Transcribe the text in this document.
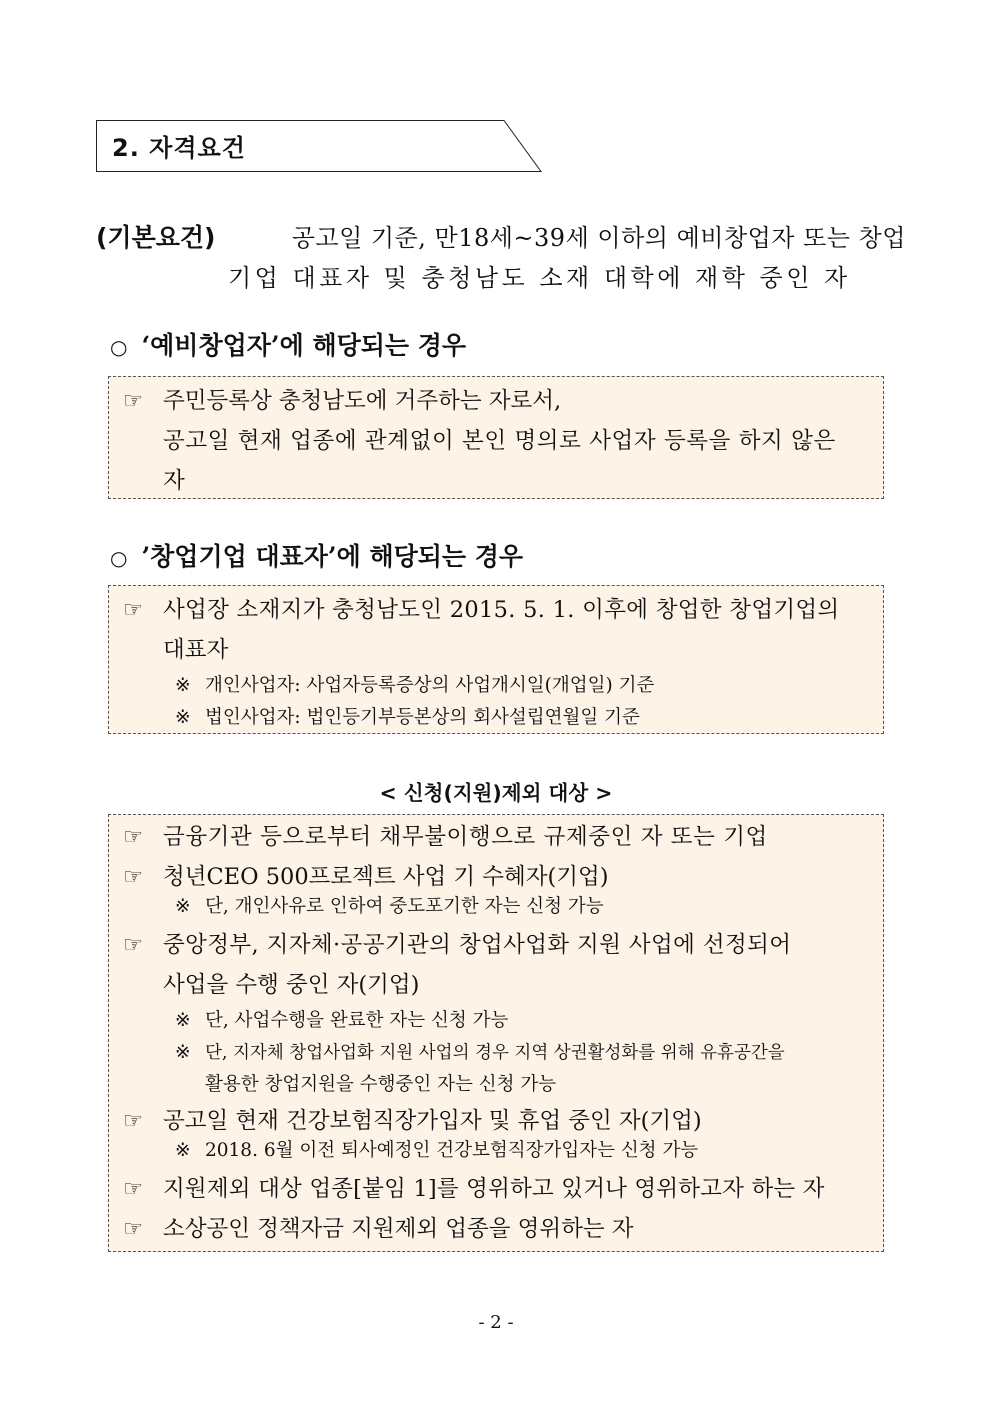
2. 자격요건
(기본요건)	공고일 기준, 만18세~39세 이하의 예비창업자 또는 창업
기업 대표자 및 충청남도 소재 대학에 재학 중인 자
○ ‘예비창업자’에 해당되는 경우
☞ 주민등록상 충청남도에 거주하는 자로서,
공고일 현재 업종에 관계없이 본인 명의로 사업자 등록을 하지 않은
자
○ ’창업기업 대표자’에 해당되는 경우
☞ 사업장 소재지가 충청남도인 2015. 5. 1. 이후에 창업한 창업기업의
대표자
※ 개인사업자: 사업자등록증상의 사업개시일(개업일) 기준
※ 법인사업자: 법인등기부등본상의 회사설립연월일 기준
< 신청(지원)제외 대상 >
☞ 금융기관 등으로부터 채무불이행으로 규제중인 자 또는 기업
☞ 청년CEO 500프로젝트 사업 기 수혜자(기업)
※ 단, 개인사유로 인하여 중도포기한 자는 신청 가능
☞ 중앙정부, 지자체·공공기관의 창업사업화 지원 사업에 선정되어
사업을 수행 중인 자(기업)
※ 단, 사업수행을 완료한 자는 신청 가능
※ 단, 지자체 창업사업화 지원 사업의 경우 지역 상권활성화를 위해 유휴공간을
활용한 창업지원을 수행중인 자는 신청 가능
☞ 공고일 현재 건강보험직장가입자 및 휴업 중인 자(기업)
※ 2018. 6월 이전 퇴사예정인 건강보험직장가입자는 신청 가능
☞ 지원제외 대상 업종[붙임 1]를 영위하고 있거나 영위하고자 하는 자
☞ 소상공인 정책자금 지원제외 업종을 영위하는 자
- 2 -
